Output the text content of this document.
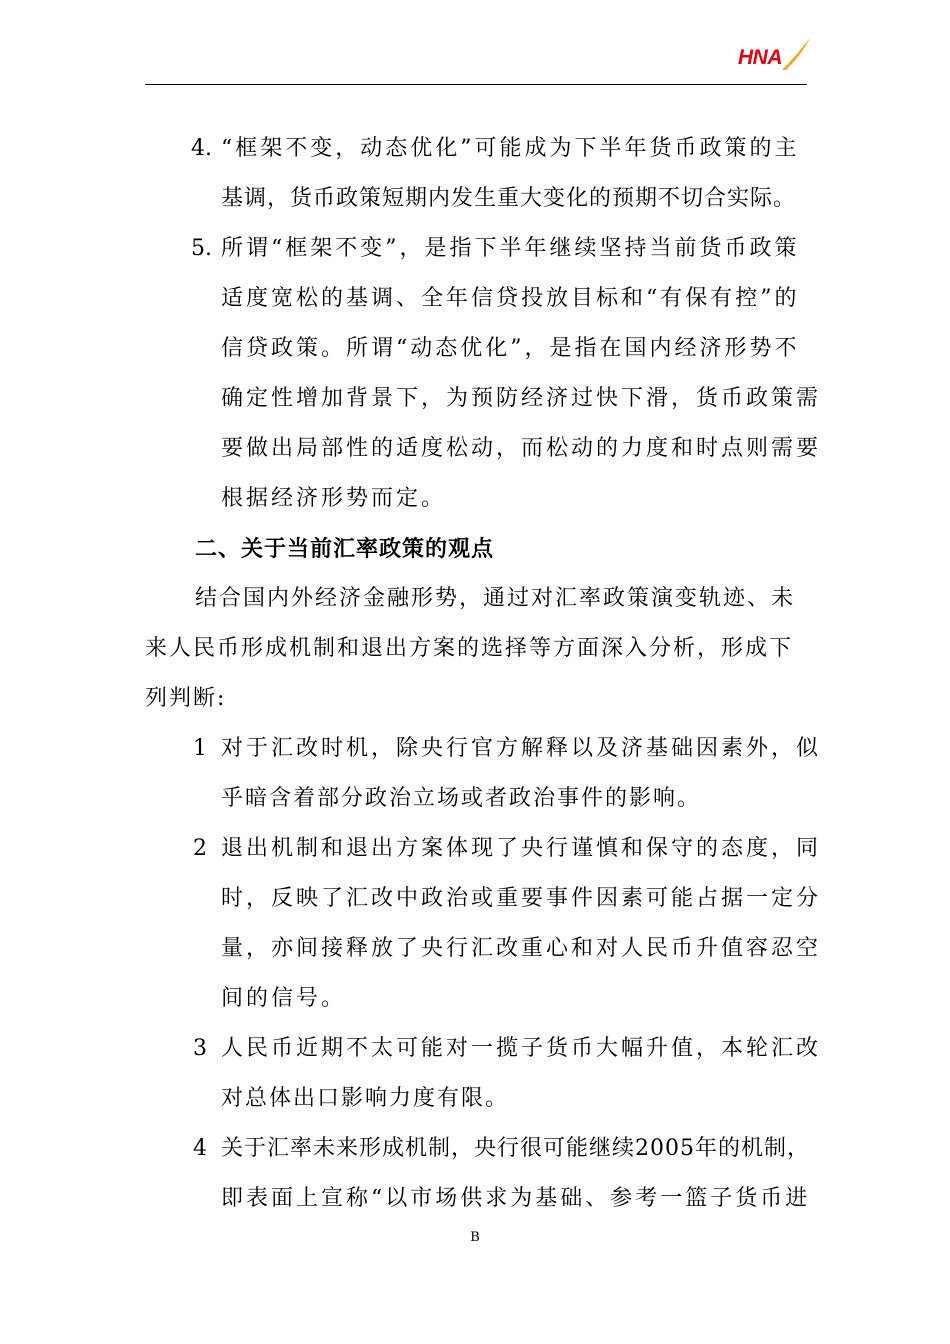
HNA
4. “框架不变，动态优化”可能成为下半年货币政策的主
基调，货币政策短期内发生重大变化的预期不切合实际。
5. 所谓“框架不变”，是指下半年继续坚持当前货币政策
适度宽松的基调、全年信贷投放目标和“有保有控”的
信贷政策。所谓“动态优化”，是指在国内经济形势不
确定性增加背景下，为预防经济过快下滑，货币政策需
要做出局部性的适度松动，而松动的力度和时点则需要
根据经济形势而定。
二、关于当前汇率政策的观点
结合国内外经济金融形势，通过对汇率政策演变轨迹、未
来人民币形成机制和退出方案的选择等方面深入分析，形成下
列判断:
1 对于汇改时机，除央行官方解释以及济基础因素外，似
乎暗含着部分政治立场或者政治事件的影响。
2 退出机制和退出方案体现了央行谨慎和保守的态度，同
时，反映了汇改中政治或重要事件因素可能占据一定分
量，亦间接释放了央行汇改重心和对人民币升值容忍空
间的信号。
3 人民币近期不太可能对一揽子货币大幅升值，本轮汇改
对总体出口影响力度有限。
4 关于汇率未来形成机制，央行很可能继续2005年的机制，
即表面上宣称“以市场供求为基础、参考一篮子货币进
B
